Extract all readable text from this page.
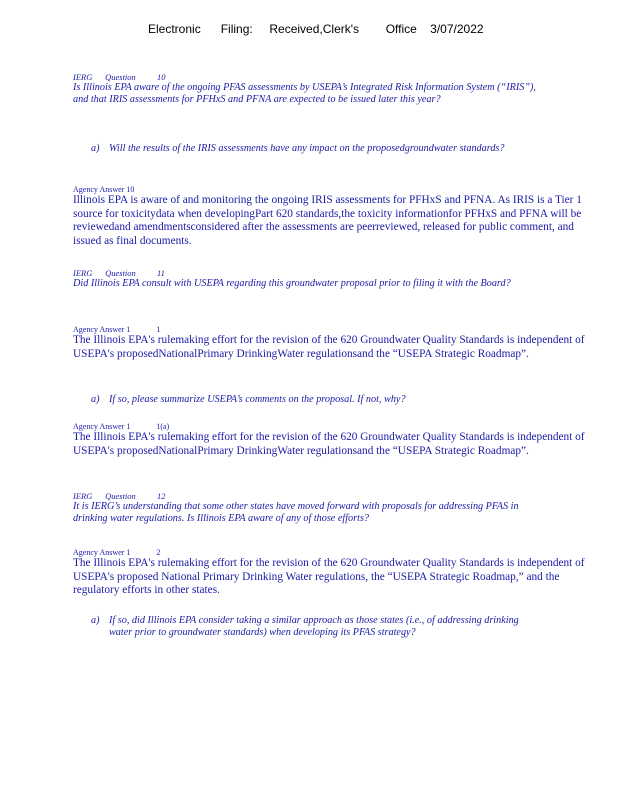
Electronic      Filing:     Received,Clerk's        Office    3/07/2022
IERG      Question          10
Is Illinois EPA aware of the ongoing PFAS assessments by USEPA’s Integrated Risk Information System (“IRIS”), and that IRIS assessments for PFHxS and PFNA are expected to be issued later this year?
a) Will the results of the IRIS assessments have any impact on the proposedgroundwater standards?
Agency Answer 10
Illinois EPA is aware of and monitoring the ongoing IRIS assessments for PFHxS and PFNA. As IRIS is a Tier 1 source for toxicitydata when developingPart 620 standards,the toxicity informationfor PFHxS and PFNA will be reviewedand amendmentsconsidered after the assessments are peerreviewed, released for public comment, and issued as final documents.
IERG      Question          11
Did Illinois EPA consult with USEPA regarding this groundwater proposal prior to filing it with the Board?
Agency Answer 1             1
The Illinois EPA's rulemaking effort for the revision of the 620 Groundwater Quality Standards is independent of USEPA's proposedNationalPrimary DrinkingWater regulationsand the “USEPA Strategic Roadmap”.
a) If so, please summarize USEPA’s comments on the proposal. If not, why?
Agency Answer 1             1(a)
The Illinois EPA's rulemaking effort for the revision of the 620 Groundwater Quality Standards is independent of USEPA's proposedNationalPrimary DrinkingWater regulationsand the “USEPA Strategic Roadmap”.
IERG      Question          12
It is IERG’s understanding that some other states have moved forward with proposals for addressing PFAS in drinking water regulations. Is Illinois EPA aware of any of those efforts?
Agency Answer 1             2
The Illinois EPA's rulemaking effort for the revision of the 620 Groundwater Quality Standards is independent of USEPA's proposed National Primary Drinking Water regulations, the “USEPA Strategic Roadmap,” and the regulatory efforts in other states.
a) If so, did Illinois EPA consider taking a similar approach as those states (i.e., of addressing drinking water prior to groundwater standards) when developing its PFAS strategy?
